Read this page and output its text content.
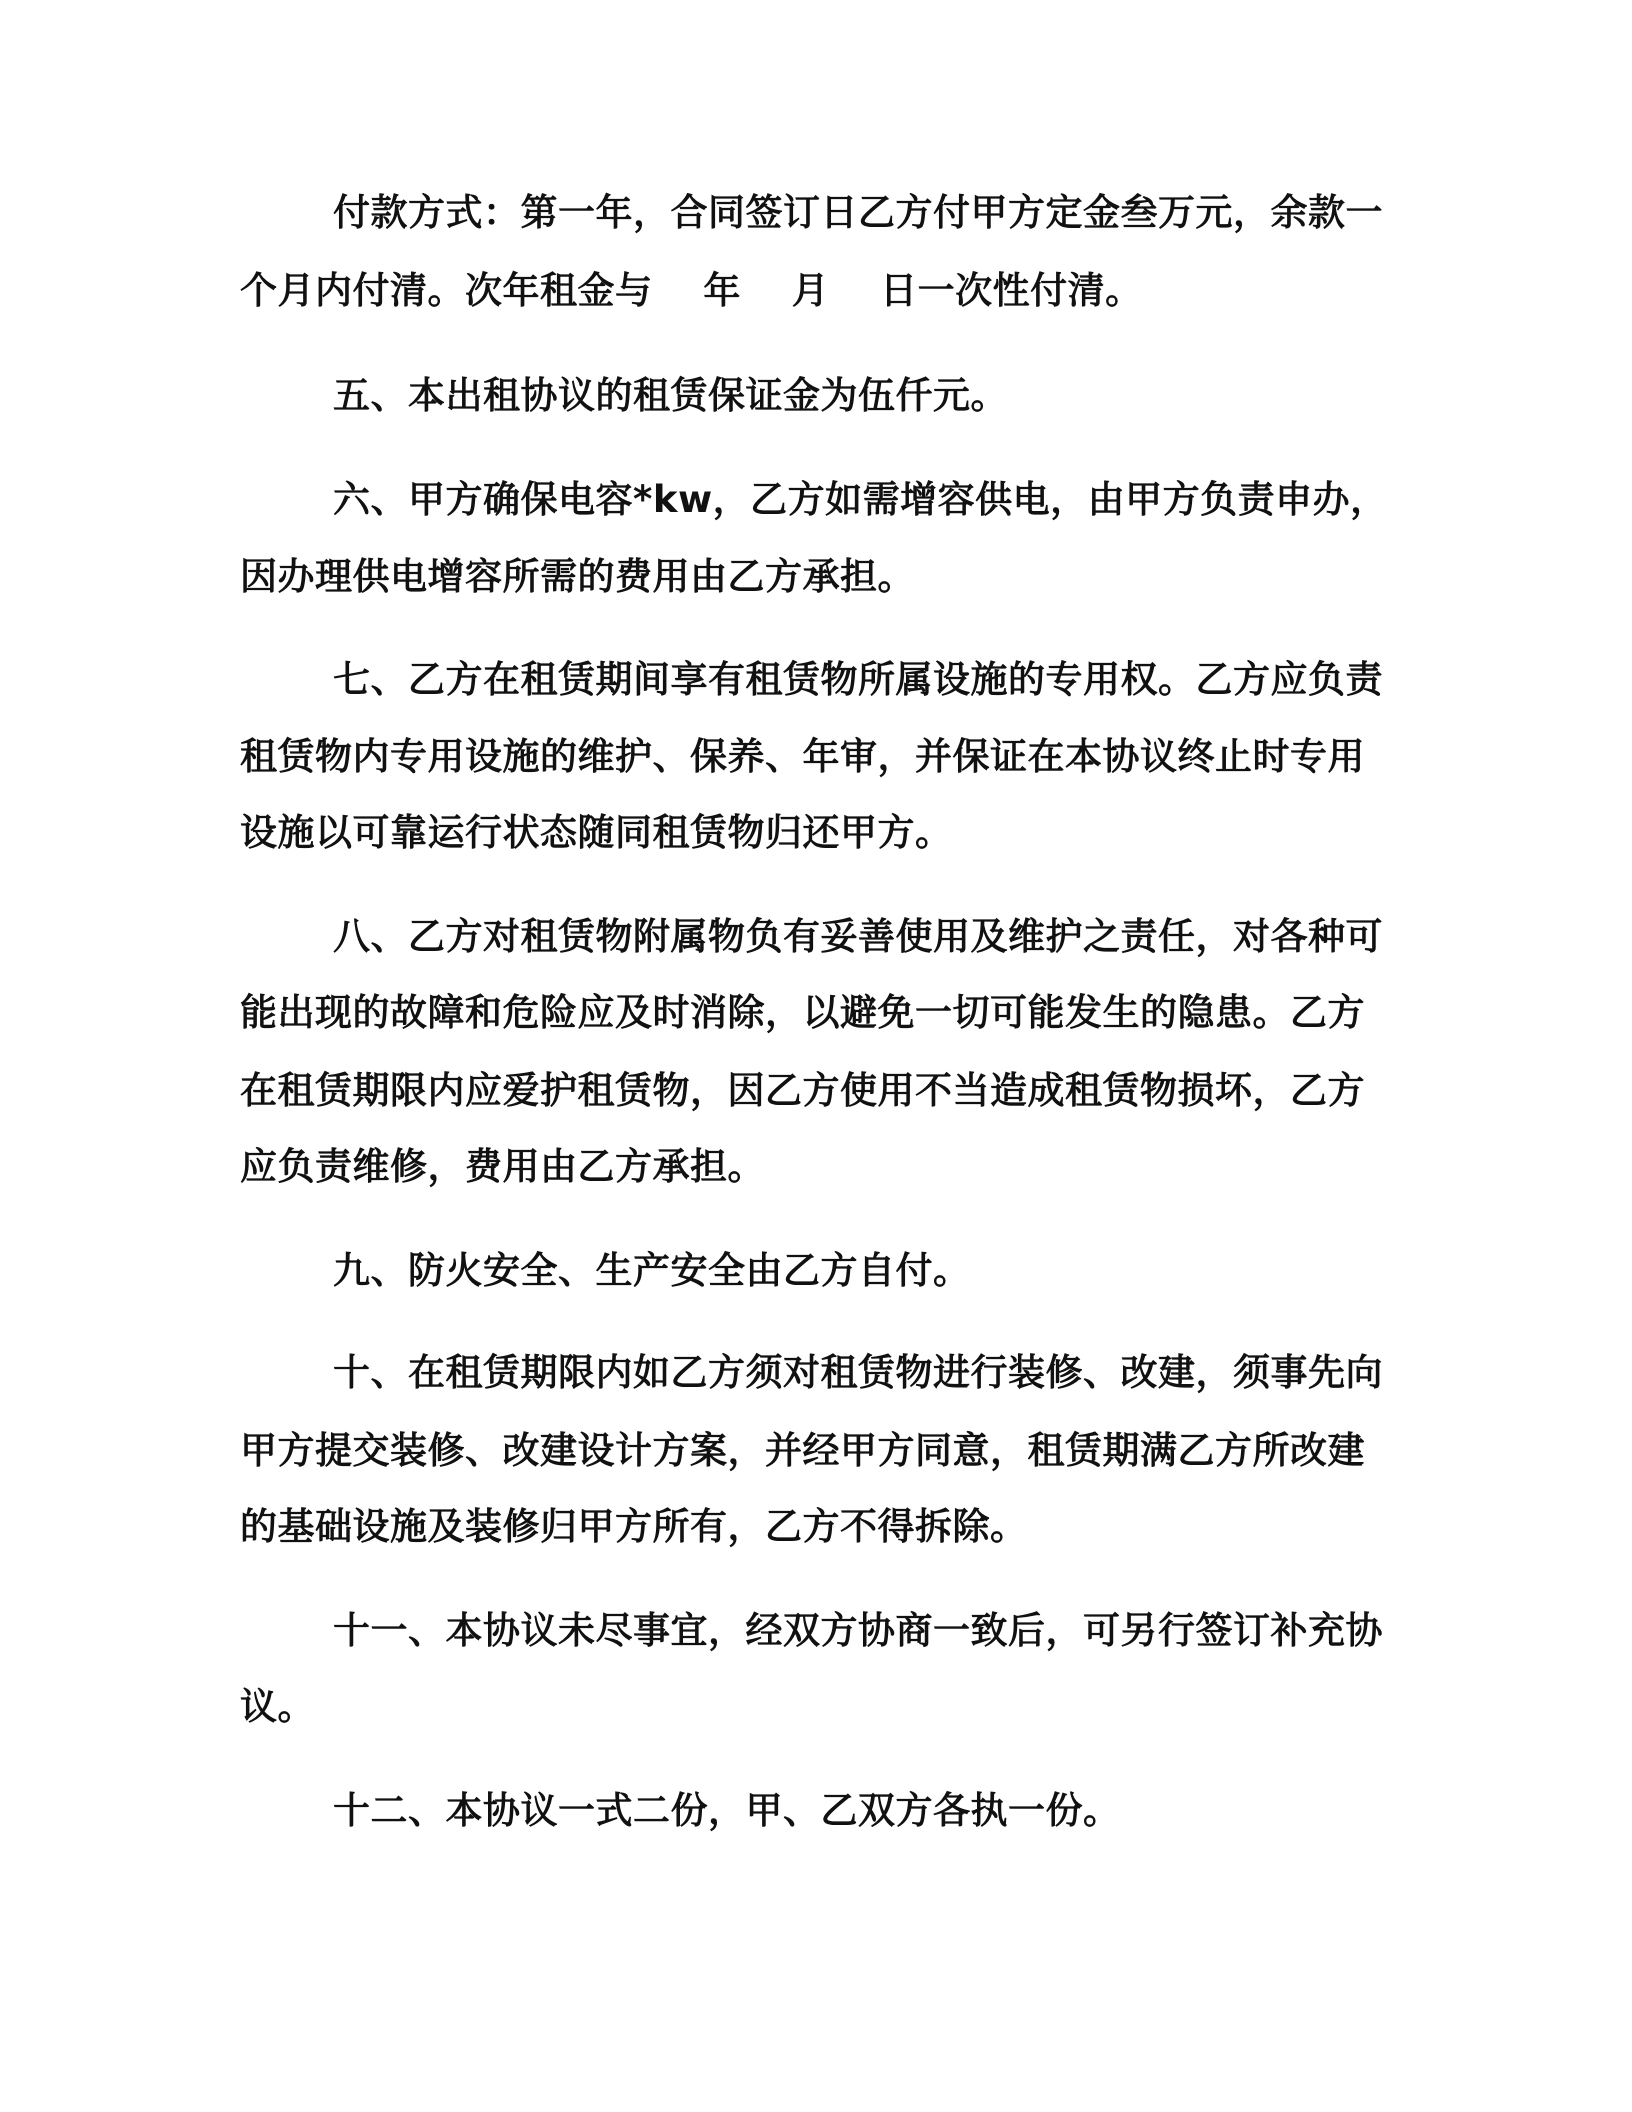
付款方式：第一年，合同签订日乙方付甲方定金叁万元，余款一
个月内付清。次年租金与　 年 　月 　日一次性付清。
五、本出租协议的租赁保证金为伍仟元。
六、甲方确保电容*kw，乙方如需增容供电，由甲方负责申办，
因办理供电增容所需的费用由乙方承担。
七、乙方在租赁期间享有租赁物所属设施的专用权。乙方应负责
租赁物内专用设施的维护、保养、年审，并保证在本协议终止时专用
设施以可靠运行状态随同租赁物归还甲方。
八、乙方对租赁物附属物负有妥善使用及维护之责任，对各种可
能出现的故障和危险应及时消除，以避免一切可能发生的隐患。乙方
在租赁期限内应爱护租赁物，因乙方使用不当造成租赁物损坏，乙方
应负责维修，费用由乙方承担。
九、防火安全、生产安全由乙方自付。
十、在租赁期限内如乙方须对租赁物进行装修、改建，须事先向
甲方提交装修、改建设计方案，并经甲方同意，租赁期满乙方所改建
的基础设施及装修归甲方所有，乙方不得拆除。
十一、本协议未尽事宜，经双方协商一致后，可另行签订补充协
议。
十二、本协议一式二份，甲、乙双方各执一份。
